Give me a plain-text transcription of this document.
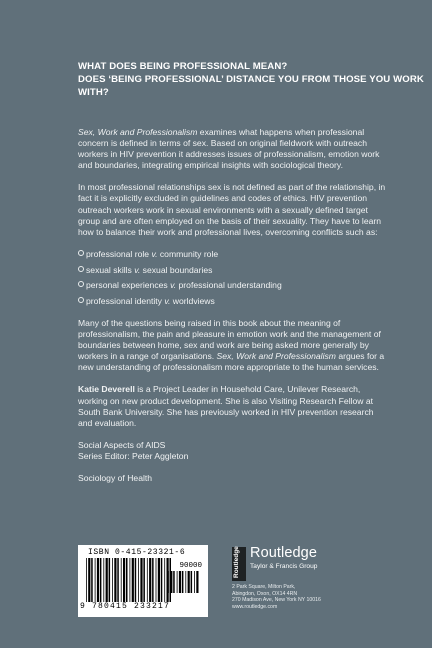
WHAT DOES BEING PROFESSIONAL MEAN?
DOES ‘BEING PROFESSIONAL’ DISTANCE YOU FROM THOSE YOU WORK WITH?

Sex, Work and Professionalism examines what happens when professional concern is defined in terms of sex. Based on original fieldwork with outreach workers in HIV prevention it addresses issues of professionalism, emotion work and boundaries, integrating empirical insights with sociological theory.

In most professional relationships sex is not defined as part of the relationship, in fact it is explicitly excluded in guidelines and codes of ethics. HIV prevention outreach workers work in sexual environments with a sexually defined target group and are often employed on the basis of their sexuality. They have to learn how to balance their work and professional lives, overcoming conflicts such as:

professional role v. community role
sexual skills v. sexual boundaries
personal experiences v. professional understanding
professional identity v. worldviews

Many of the questions being raised in this book about the meaning of professionalism, the pain and pleasure in emotion work and the management of boundaries between home, sex and work are being asked more generally by workers in a range of organisations. Sex, Work and Professionalism argues for a new understanding of professionalism more appropriate to the human services.

Katie Deverell is a Project Leader in Household Care, Unilever Research, working on new product development. She is also Visiting Research Fellow at South Bank University. She has previously worked in HIV prevention research and evaluation.

Social Aspects of AIDS

Series Editor: Peter Aggleton

Sociology of Health

ISBN 0-415-23321-6
90000
9 780415 233217
Routledge Routledge
Taylor & Francis Group
2 Park Square, Milton Park,
Abingdon, Oxon, OX14 4RN
270 Madison Ave, New York NY 10016
www.routledge.com
